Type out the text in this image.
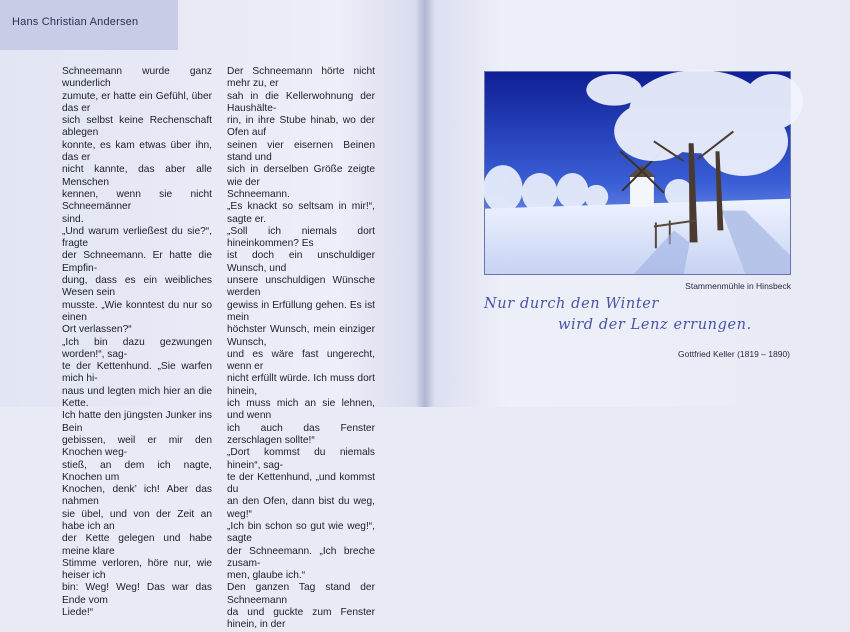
Hans Christian Andersen

Schneemann wurde ganz wunderlich
zumute, er hatte ein Gefühl, über das er
sich selbst keine Rechenschaft ablegen
konnte, es kam etwas über ihn, das er
nicht kannte, das aber alle Menschen
kennen, wenn sie nicht Schneemänner
sind.

„Und warum verließest du sie?“, fragte
der Schneemann. Er hatte die Empfin-
dung, dass es ein weibliches Wesen sein
musste. „Wie konntest du nur so einen
Ort verlassen?“

„Ich bin dazu gezwungen worden!“, sag-
te der Kettenhund. „Sie warfen mich hi-
naus und legten mich hier an die Kette.
Ich hatte den jüngsten Junker ins Bein
gebissen, weil er mir den Knochen weg-
stieß, an dem ich nagte, Knochen um
Knochen, denk’ ich! Aber das nahmen
sie übel, und von der Zeit an habe ich an
der Kette gelegen und habe meine klare
Stimme verloren, höre nur, wie heiser ich
bin: Weg! Weg! Das war das Ende vom
Liede!“

Der Schneemann hörte nicht mehr zu, er
sah in die Kellerwohnung der Haushälte-
rin, in ihre Stube hinab, wo der Ofen auf
seinen vier eisernen Beinen stand und
sich in derselben Größe zeigte wie der
Schneemann.

„Es knackt so seltsam in mir!“, sagte er.
„Soll ich niemals dort hineinkommen? Es
ist doch ein unschuldiger Wunsch, und
unsere unschuldigen Wünsche werden
gewiss in Erfüllung gehen. Es ist mein
höchster Wunsch, mein einziger Wunsch,
und es wäre fast ungerecht, wenn er
nicht erfüllt würde. Ich muss dort hinein,
ich muss mich an sie lehnen, und wenn
ich auch das Fenster zerschlagen sollte!“

„Dort kommst du niemals hinein“, sag-
te der Kettenhund, „und kommst du
an den Ofen, dann bist du weg, weg!“
„Ich bin schon so gut wie weg!“, sagte
der Schneemann. „Ich breche zusam-
men, glaube ich.“

Den ganzen Tag stand der Schneemann
da und guckte zum Fenster hinein, in der

Stammenmühle in Hinsbeck
Nur durch den Winter
wird der Lenz errungen.
Gottfried Keller (1819 – 1890)
